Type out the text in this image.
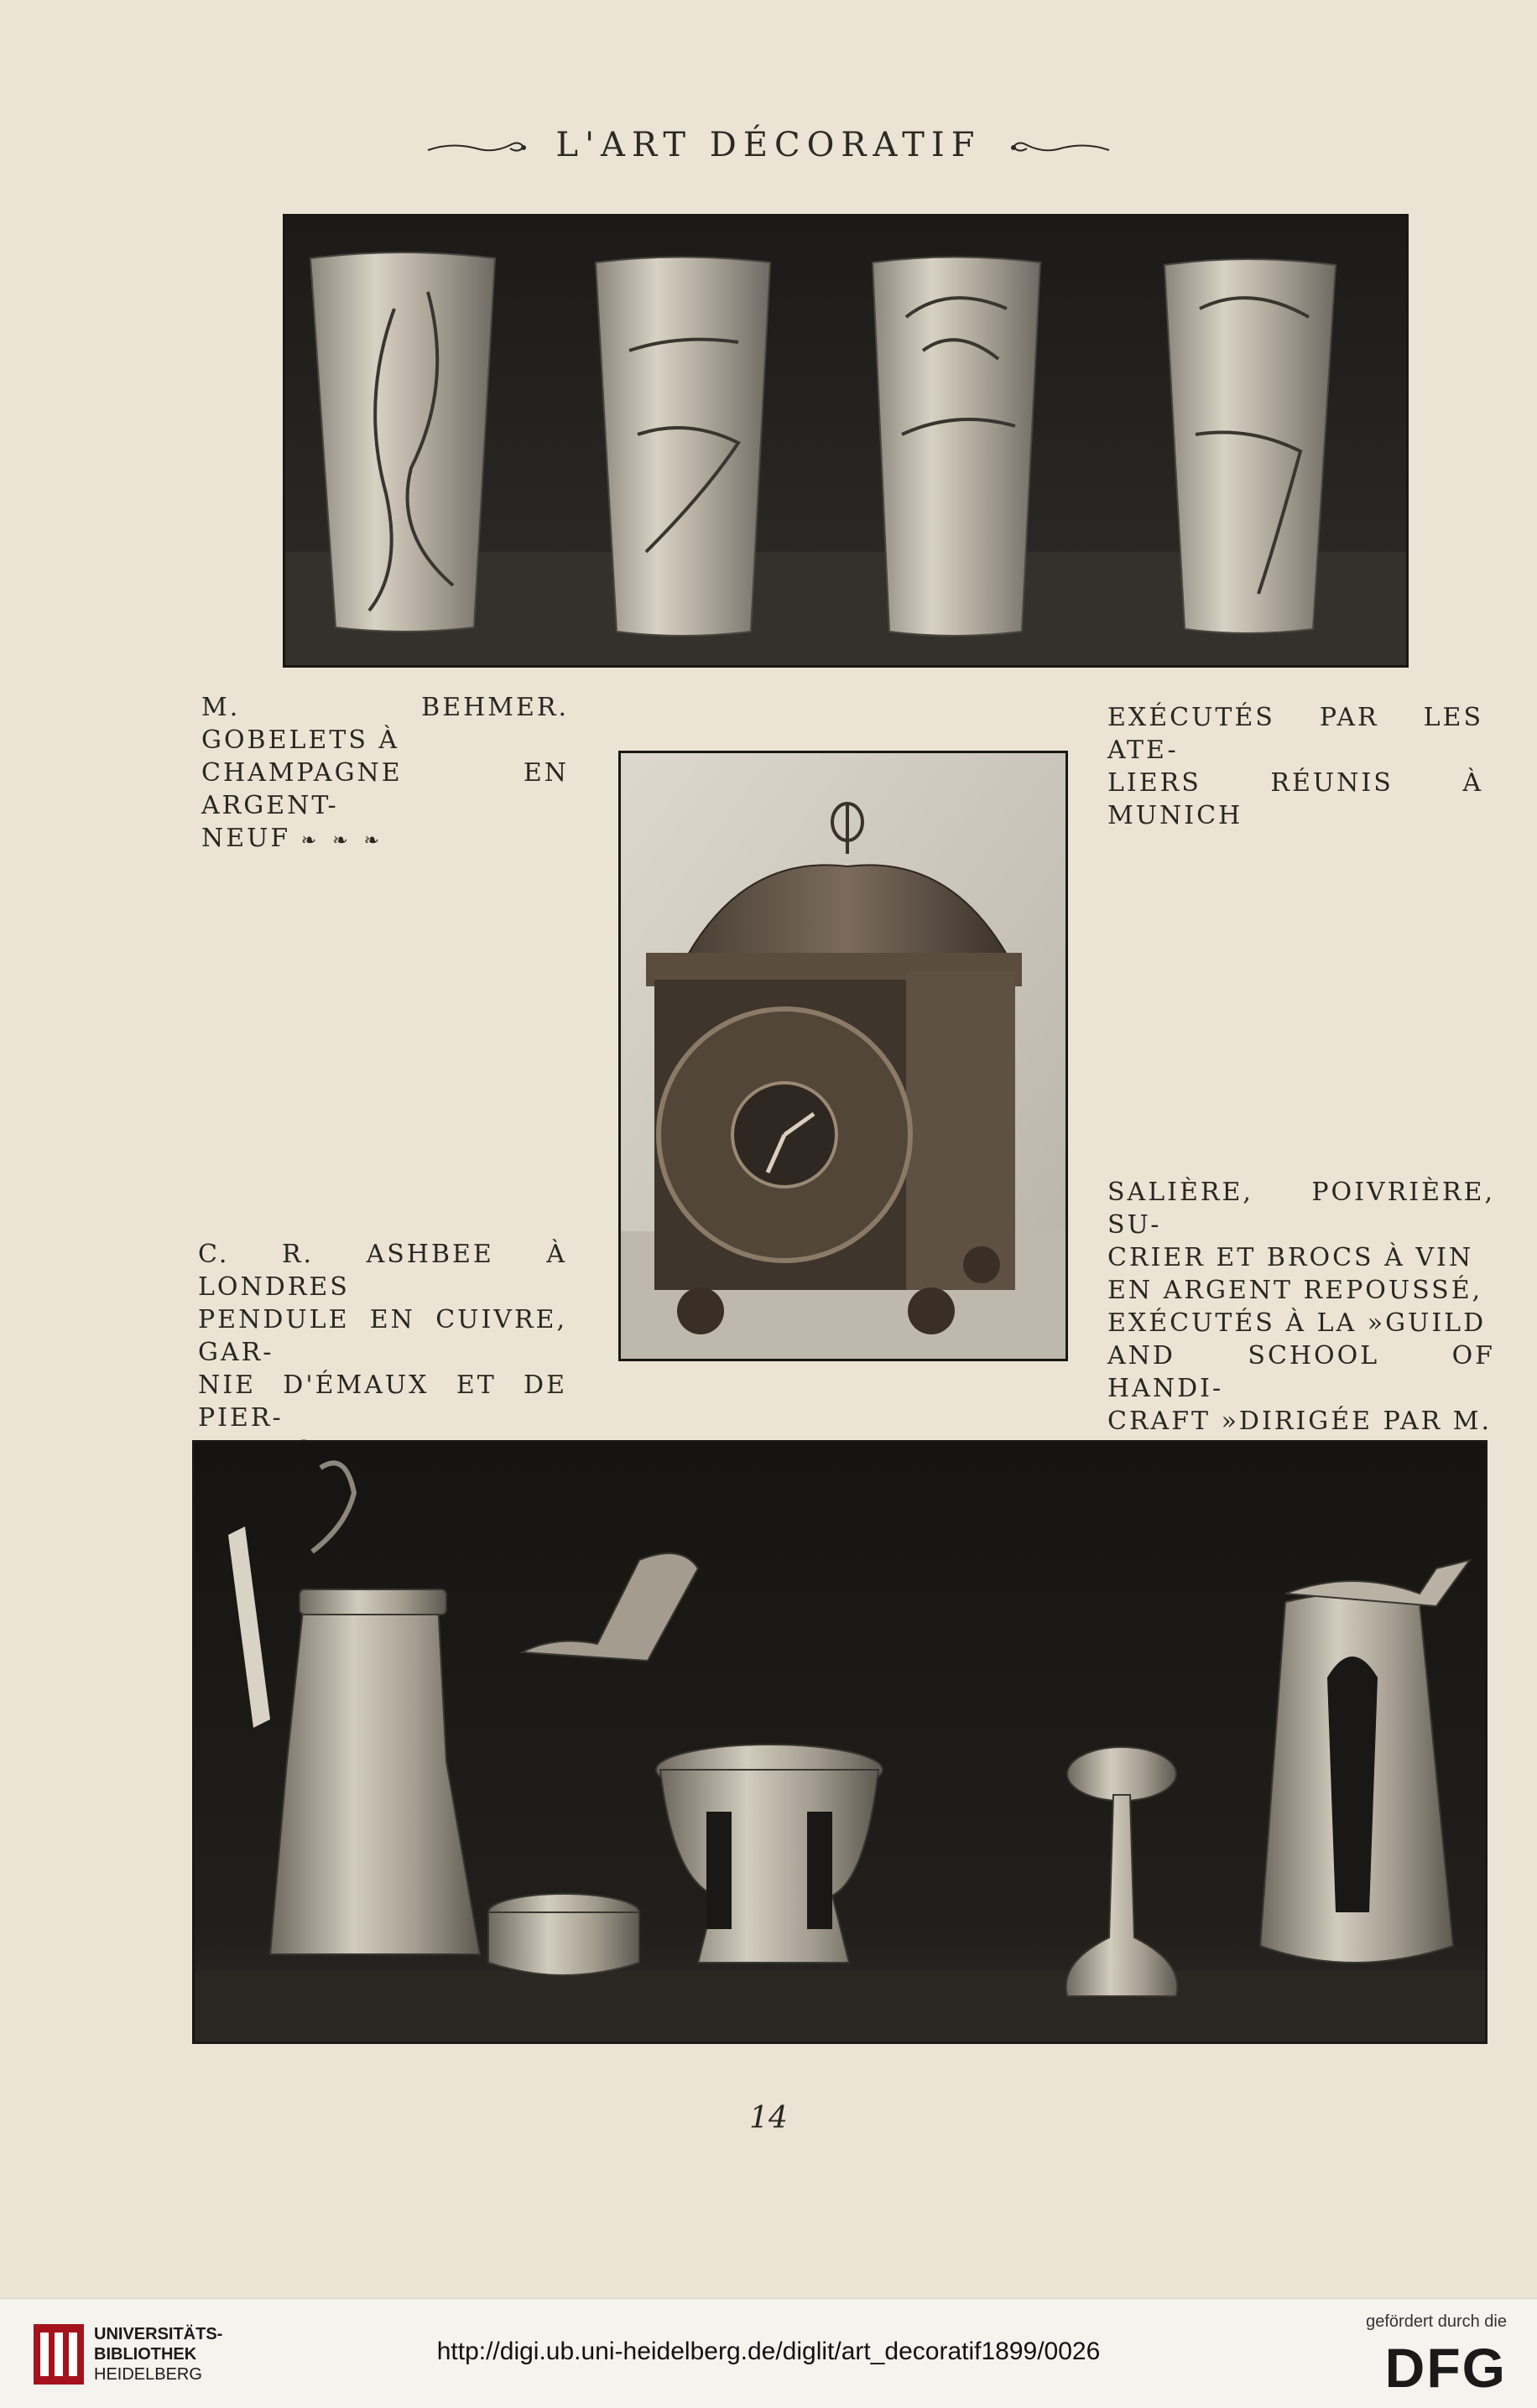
L'ART DÉCORATIF
M. BEHMER. GOBELETS À
CHAMPAGNE EN ARGENT-
NEUF ❧ ❧ ❧
EXÉCUTÉS PAR LES ATE-
LIERS RÉUNIS À MUNICH
SALIÈRE, POIVRIÈRE, SU-
CRIER ET BROCS À VIN
EN ARGENT REPOUSSÉ,
EXÉCUTÉS À LA »GUILD
AND SCHOOL OF HANDI-
CRAFT »DIRIGÉE PAR M.
C. R. ASHBEE À LONDRES
PENDULE EN CUIVRE, GAR-
NIE D'ÉMAUX ET DE PIER-
14
UNIVERSITÄTS-
BIBLIOTHEK
HEIDELBERG
http://digi.ub.uni-heidelberg.de/diglit/art_decoratif1899/0026
gefördert durch die
DFG
